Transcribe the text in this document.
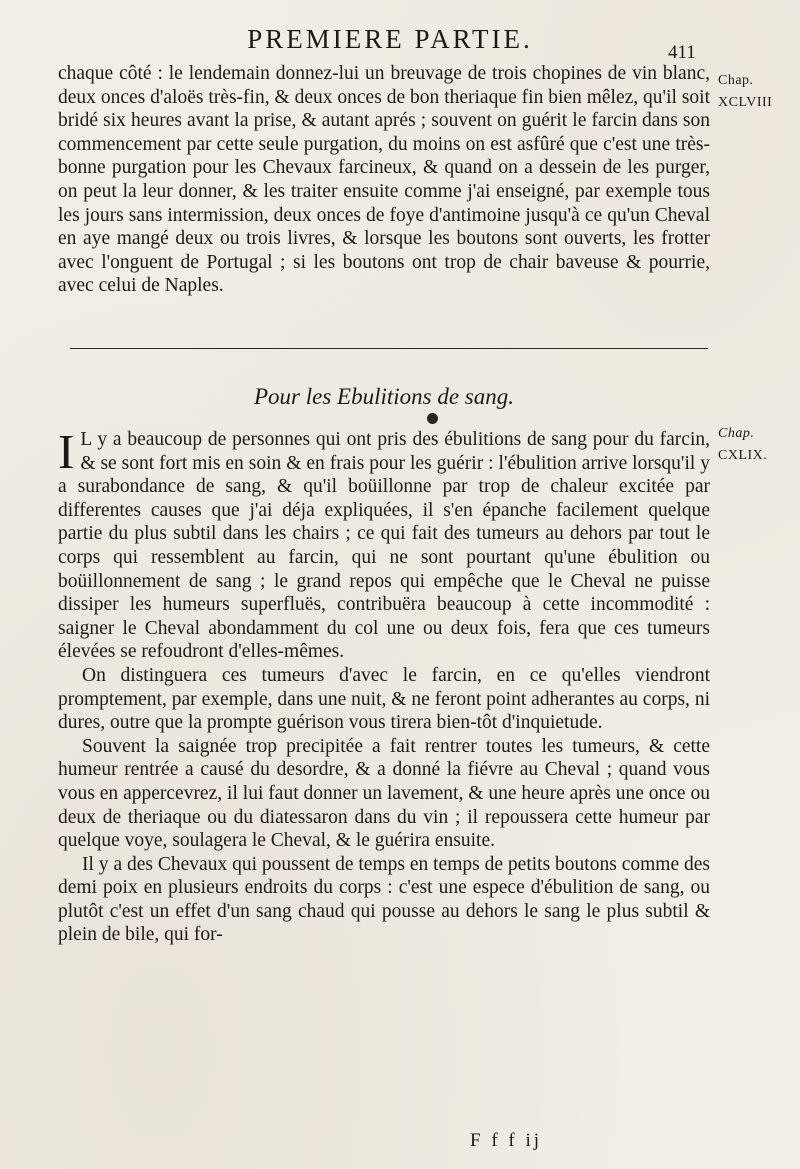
PREMIERE PARTIE.	411
Chap.
XCLVIII

chaque côté : le lendemain donnez-lui un breuvage de trois chopines de vin blanc, deux onces d'aloës très-fin, & deux onces de bon theriaque fin bien mêlez, qu'il soit bridé six heures avant la prise, & autant aprés ; souvent on guérit le farcin dans son commencement par cette seule purgation, du moins on est asfûré que c'est une très-bonne purgation pour les Chevaux farcineux, & quand on a dessein de les purger, on peut la leur donner, & les traiter ensuite comme j'ai enseigné, par exemple tous les jours sans intermission, deux onces de foye d'antimoine jusqu'à ce qu'un Cheval en aye mangé deux ou trois livres, & lorsque les boutons sont ouverts, les frotter avec l'onguent de Portugal ; si les boutons ont trop de chair baveuse & pourrie, avec celui de Naples.

Pour les Ebulitions de sang.
Chap.
CXLIX.

I L y a beaucoup de personnes qui ont pris des ébulitions de sang pour du farcin, & se sont fort mis en soin & en frais pour les guérir : l'ébulition arrive lorsqu'il y a surabondance de sang, & qu'il boüillonne par trop de chaleur excitée par differentes causes que j'ai déja expliquées, il s'en épanche facilement quelque partie du plus subtil dans les chairs ; ce qui fait des tumeurs au dehors par tout le corps qui ressemblent au farcin, qui ne sont pourtant qu'une ébulition ou boüillonnement de sang ; le grand repos qui empêche que le Cheval ne puisse dissiper les humeurs superfluës, contribuëra beaucoup à cette incommodité : saigner le Cheval abondamment du col une ou deux fois, fera que ces tumeurs élevées se refoudront d'elles-mêmes.

On distinguera ces tumeurs d'avec le farcin, en ce qu'elles viendront promptement, par exemple, dans une nuit, & ne feront point adherantes au corps, ni dures, outre que la prompte guérison vous tirera bien-tôt d'inquietude.

Souvent la saignée trop precipitée a fait rentrer toutes les tumeurs, & cette humeur rentrée a causé du desordre, & a donné la fiévre au Cheval ; quand vous vous en appercevrez, il lui faut donner un lavement, & une heure après une once ou deux de theriaque ou du diatessaron dans du vin ; il repoussera cette humeur par quelque voye, soulagera le Cheval, & le guérira ensuite.

Il y a des Chevaux qui poussent de temps en temps de petits boutons comme des demi poix en plusieurs endroits du corps : c'est une espece d'ébulition de sang, ou plutôt c'est un effet d'un sang chaud qui pousse au dehors le sang le plus subtil & plein de bile, qui for-

F f f ij
